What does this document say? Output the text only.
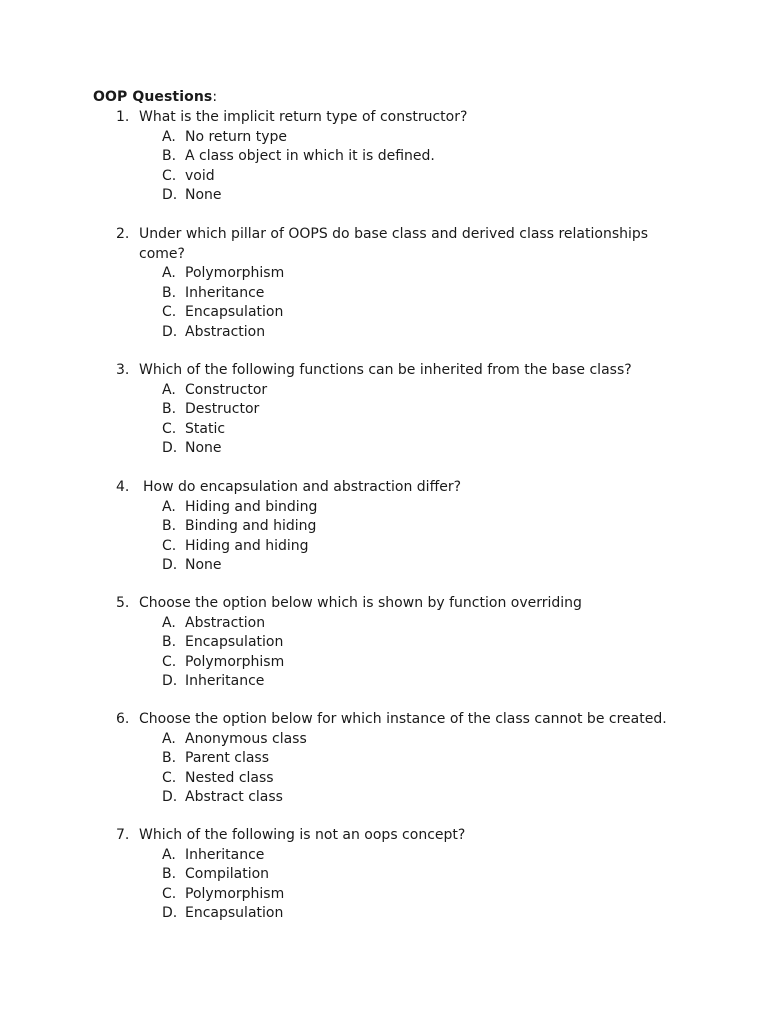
OOP Questions:
1. What is the implicit return type of constructor?
A. No return type
B. A class object in which it is defined.
C. void
D. None
2. Under which pillar of OOPS do base class and derived class relationships come?
A. Polymorphism
B. Inheritance
C. Encapsulation
D. Abstraction
3. Which of the following functions can be inherited from the base class?
A. Constructor
B. Destructor
C. Static
D. None
4. How do encapsulation and abstraction differ?
A. Hiding and binding
B. Binding and hiding
C. Hiding and hiding
D. None
5. Choose the option below which is shown by function overriding
A. Abstraction
B. Encapsulation
C. Polymorphism
D. Inheritance
6. Choose the option below for which instance of the class cannot be created.
A. Anonymous class
B. Parent class
C. Nested class
D. Abstract class
7. Which of the following is not an oops concept?
A. Inheritance
B. Compilation
C. Polymorphism
D. Encapsulation
